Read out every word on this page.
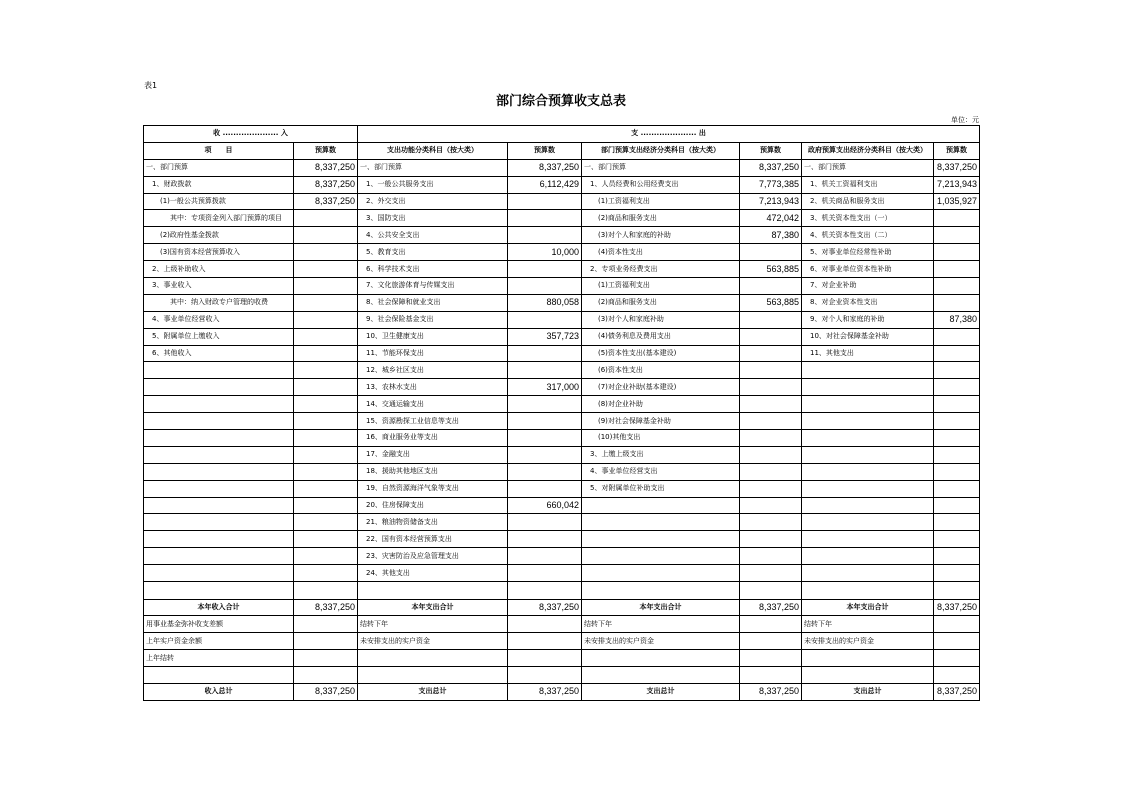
表1
部门综合预算收支总表
单位：元
收 ..................... 入		支 ..................... 出					
项　　目	预算数	支出功能分类科目（按大类）	预算数	部门预算支出经济分类科目（按大类）	预算数	政府预算支出经济分类科目（按大类）	预算数
一、部门预算	8,337,250	一、部门预算	8,337,250	一、部门预算	8,337,250	一、部门预算	8,337,250
1、财政拨款	8,337,250	1、一般公共服务支出	6,112,429	1、人员经费和公用经费支出	7,773,385	1、机关工资福利支出	7,213,943
(1)一般公共预算拨款	8,337,250	2、外交支出		(1)工资福利支出	7,213,943	2、机关商品和服务支出	1,035,927
其中：专项资金列入部门预算的项目		3、国防支出		(2)商品和服务支出	472,042	3、机关资本性支出（一）	
(2)政府性基金拨款		4、公共安全支出		(3)对个人和家庭的补助	87,380	4、机关资本性支出（二）	
(3)国有资本经营预算收入		5、教育支出	10,000	(4)资本性支出		5、对事业单位经常性补助	
2、上级补助收入		6、科学技术支出		2、专项业务经费支出	563,885	6、对事业单位资本性补助	
3、事业收入		7、文化旅游体育与传媒支出		(1)工资福利支出		7、对企业补助	
其中：纳入财政专户管理的收费		8、社会保障和就业支出	880,058	(2)商品和服务支出	563,885	8、对企业资本性支出	
4、事业单位经营收入		9、社会保险基金支出		(3)对个人和家庭补助		9、对个人和家庭的补助	87,380
5、附属单位上缴收入		10、卫生健康支出	357,723	(4)债务利息及费用支出		10、对社会保障基金补助	
6、其他收入		11、节能环保支出		(5)资本性支出(基本建设)		11、其他支出	
		12、城乡社区支出		(6)资本性支出			
		13、农林水支出	317,000	(7)对企业补助(基本建设)			
		14、交通运输支出		(8)对企业补助			
		15、资源勘探工业信息等支出		(9)对社会保障基金补助			
		16、商业服务业等支出		(10)其他支出			
		17、金融支出		3、上缴上级支出			
		18、援助其他地区支出		4、事业单位经营支出			
		19、自然资源海洋气象等支出		5、对附属单位补助支出			
		20、住房保障支出	660,042				
		21、粮油物资储备支出					
		22、国有资本经营预算支出					
		23、灾害防治及应急管理支出					
		24、其他支出					

本年收入合计	8,337,250	本年支出合计	8,337,250	本年支出合计	8,337,250	本年支出合计	8,337,250
用事业基金弥补收支差额		结转下年		结转下年		结转下年	
上年实户资金余额		未安排支出的实户资金		未安排支出的实户资金		未安排支出的实户资金	
上年结转							

收入总计	8,337,250	支出总计	8,337,250	支出总计	8,337,250	支出总计	8,337,250
